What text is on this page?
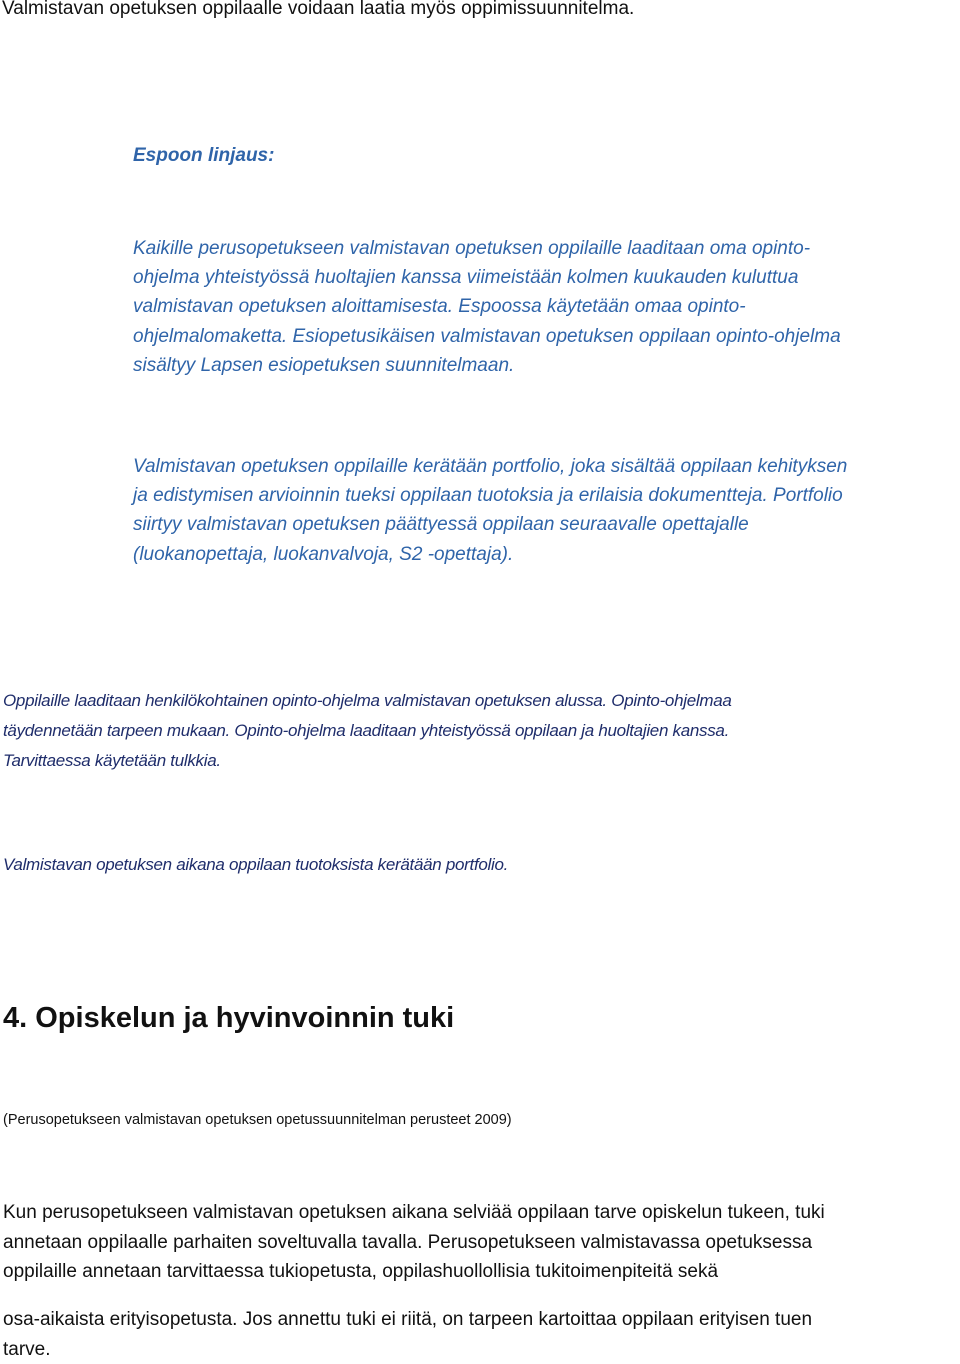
Valmistavan opetuksen oppilaalle voidaan laatia myös oppimissuunnitelma.

Espoon linjaus:

Kaikille perusopetukseen valmistavan opetuksen oppilaille laaditaan oma opinto-
ohjelma yhteistyössä huoltajien kanssa viimeistään kolmen kuukauden kuluttua
valmistavan opetuksen aloittamisesta. Espoossa käytetään omaa opinto-
ohjelmalomaketta. Esiopetusikäisen valmistavan opetuksen oppilaan opinto-ohjelma
sisältyy Lapsen esiopetuksen suunnitelmaan.

Valmistavan opetuksen oppilaille kerätään portfolio, joka sisältää oppilaan kehityksen
ja edistymisen arvioinnin tueksi oppilaan tuotoksia ja erilaisia dokumentteja. Portfolio
siirtyy valmistavan opetuksen päättyessä oppilaan seuraavalle opettajalle
(luokanopettaja, luokanvalvoja, S2 -opettaja).

Oppilaille laaditaan henkilökohtainen opinto-ohjelma valmistavan opetuksen alussa. Opinto-ohjelmaa
täydennetään tarpeen mukaan. Opinto-ohjelma laaditaan yhteistyössä oppilaan ja huoltajien kanssa.
Tarvittaessa käytetään tulkkia.

Valmistavan opetuksen aikana oppilaan tuotoksista kerätään portfolio.

4. Opiskelun ja hyvinvoinnin tuki

(Perusopetukseen valmistavan opetuksen opetussuunnitelman perusteet 2009)

Kun perusopetukseen valmistavan opetuksen aikana selviää oppilaan tarve opiskelun tukeen, tuki
annetaan oppilaalle parhaiten soveltuvalla tavalla. Perusopetukseen valmistavassa opetuksessa
oppilaille annetaan tarvittaessa tukiopetusta, oppilashuollollisia tukitoimenpiteitä sekä

osa-aikaista erityisopetusta. Jos annettu tuki ei riitä, on tarpeen kartoittaa oppilaan erityisen tuen
tarve.
